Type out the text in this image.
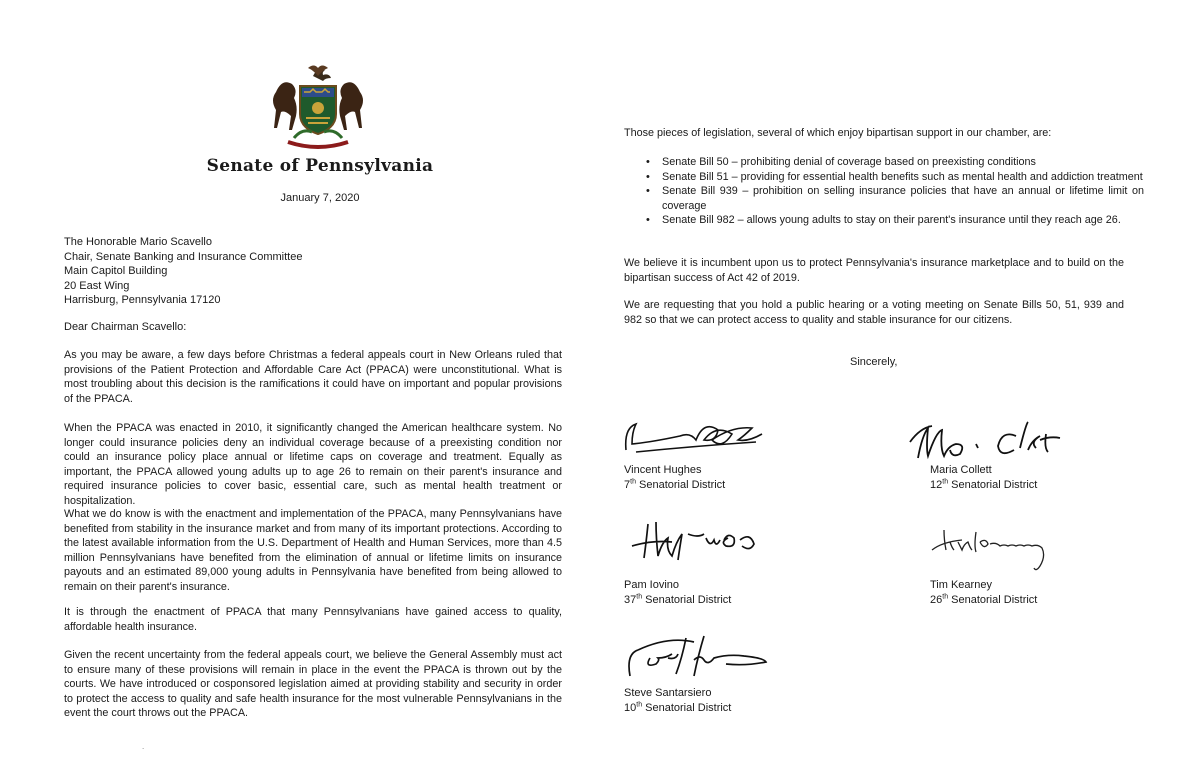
Senate of Pennsylvania
January 7, 2020
The Honorable Mario Scavello
Chair, Senate Banking and Insurance Committee
Main Capitol Building
20 East Wing
Harrisburg, Pennsylvania 17120
Dear Chairman Scavello:

As you may be aware, a few days before Christmas a federal appeals court in New Orleans ruled that provisions of the Patient Protection and Affordable Care Act (PPACA) were unconstitutional. What is most troubling about this decision is the ramifications it could have on important and popular provisions of the PPACA.

When the PPACA was enacted in 2010, it significantly changed the American healthcare system. No longer could insurance policies deny an individual coverage because of a preexisting condition nor could an insurance policy place annual or lifetime caps on coverage and treatment. Equally as important, the PPACA allowed young adults up to age 26 to remain on their parent's insurance and required insurance policies to cover basic, essential care, such as mental health treatment or hospitalization.

What we do know is with the enactment and implementation of the PPACA, many Pennsylvanians have benefited from stability in the insurance market and from many of its important protections. According to the latest available information from the U.S. Department of Health and Human Services, more than 4.5 million Pennsylvanians have benefited from the elimination of annual or lifetime limits on insurance payouts and an estimated 89,000 young adults in Pennsylvania have benefited from being allowed to remain on their parent's insurance.

It is through the enactment of PPACA that many Pennsylvanians have gained access to quality, affordable health insurance.

Given the recent uncertainty from the federal appeals court, we believe the General Assembly must act to ensure many of these provisions will remain in place in the event the PPACA is thrown out by the courts. We have introduced or cosponsored legislation aimed at providing stability and security in order to protect the access to quality and safe health insurance for the most vulnerable Pennsylvanians in the event the court throws out the PPACA.

.
Those pieces of legislation, several of which enjoy bipartisan support in our chamber, are:
• Senate Bill 50 – prohibiting denial of coverage based on preexisting conditions
• Senate Bill 51 – providing for essential health benefits such as mental health and addiction treatment
• Senate Bill 939 – prohibition on selling insurance policies that have an annual or lifetime limit on coverage
• Senate Bill 982 – allows young adults to stay on their parent's insurance until they reach age 26.

We believe it is incumbent upon us to protect Pennsylvania's insurance marketplace and to build on the bipartisan success of Act 42 of 2019.

We are requesting that you hold a public hearing or a voting meeting on Senate Bills 50, 51, 939 and 982 so that we can protect access to quality and stable insurance for our citizens.

Sincerely,
Vincent Hughes
7th Senatorial District
Maria Collett
12th Senatorial District
Pam Iovino
37th Senatorial District
Tim Kearney
26th Senatorial District
Steve Santarsiero
10th Senatorial District
